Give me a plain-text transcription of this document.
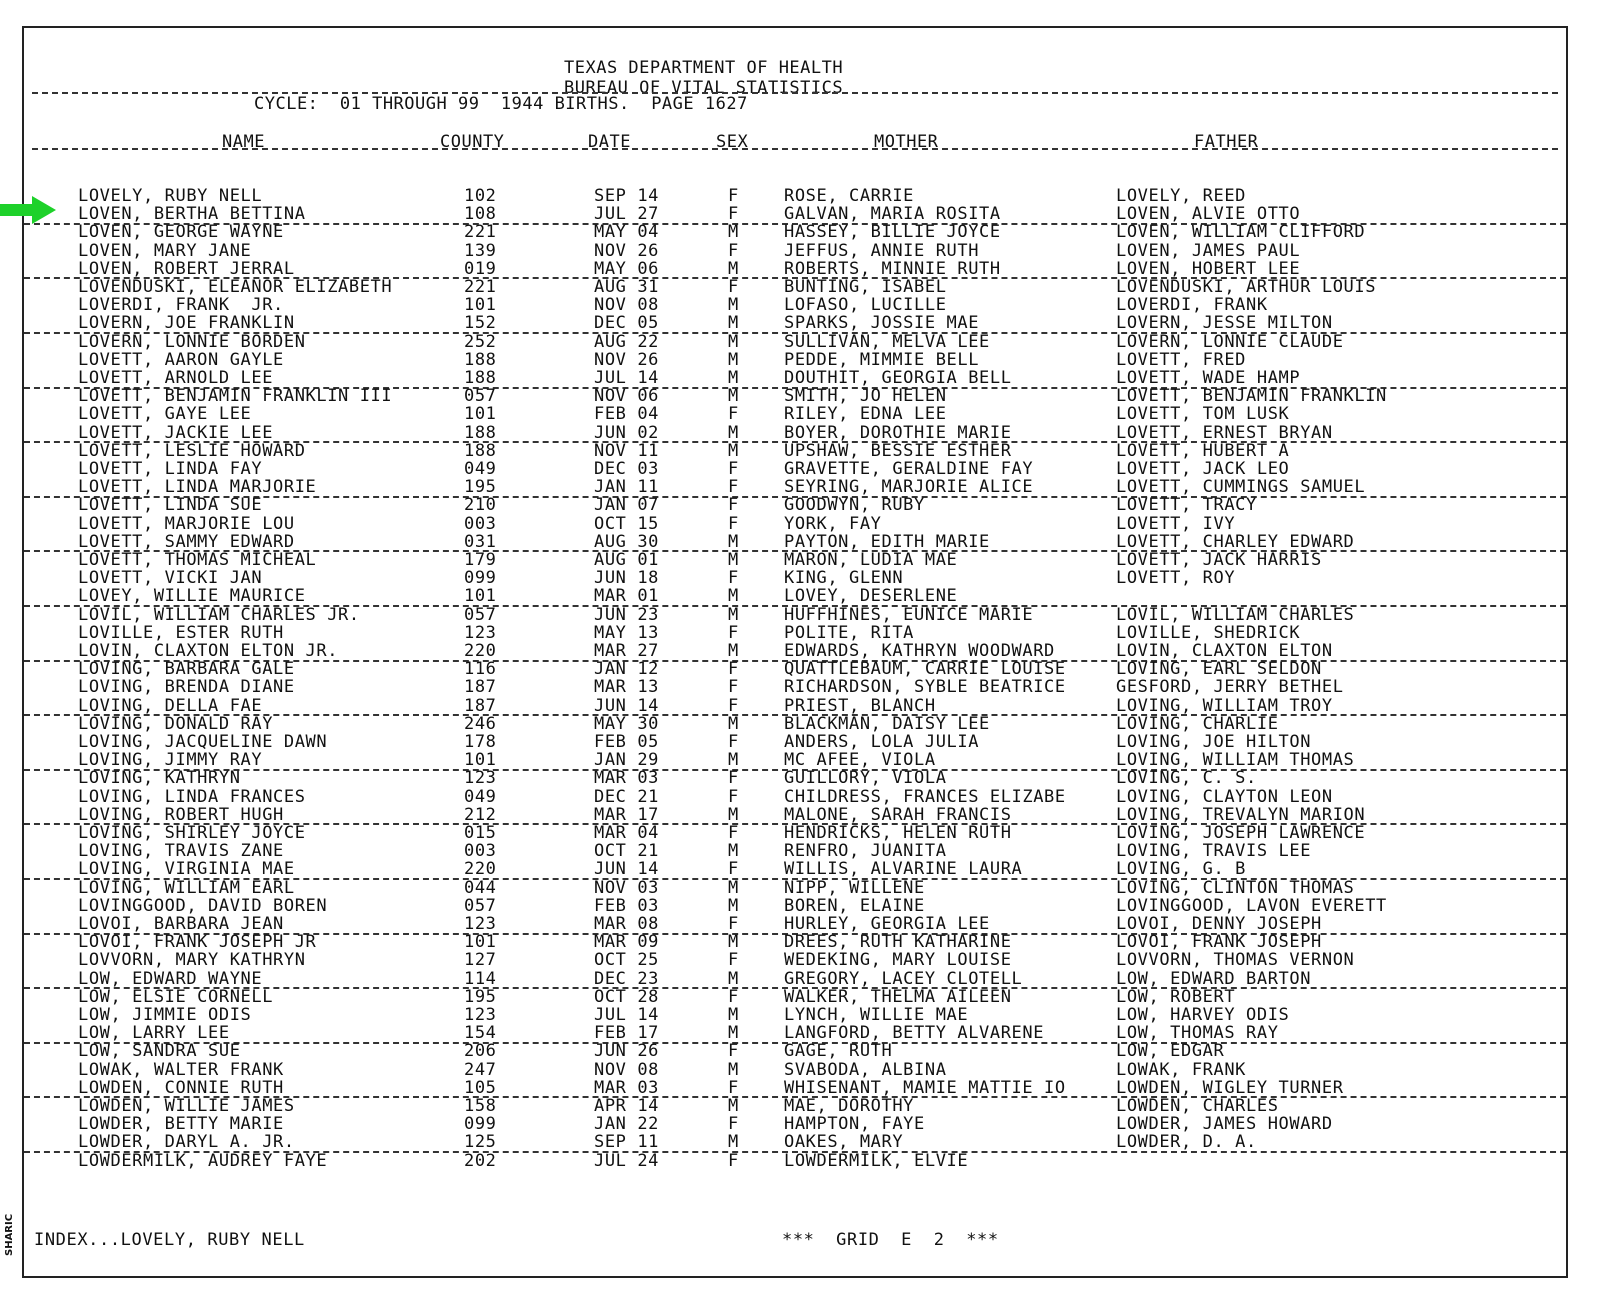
TEXAS DEPARTMENT OF HEALTH
BUREAU OF VITAL STATISTICS
CYCLE:  01 THROUGH 99  1944 BIRTHS.  PAGE 1627
NAME	COUNTY	DATE	SEX	MOTHER	FATHER
LOVELY, RUBY NELL	102	SEP 14	F	ROSE, CARRIE	LOVELY, REED
LOVEN, BERTHA BETTINA	108	JUL 27	F	GALVAN, MARIA ROSITA	LOVEN, ALVIE OTTO
LOVEN, GEORGE WAYNE	221	MAY 04	M	HASSEY, BILLIE JOYCE	LOVEN, WILLIAM CLIFFORD
LOVEN, MARY JANE	139	NOV 26	F	JEFFUS, ANNIE RUTH	LOVEN, JAMES PAUL
LOVEN, ROBERT JERRAL	019	MAY 06	M	ROBERTS, MINNIE RUTH	LOVEN, HOBERT LEE
LOVENDUSKI, ELEANOR ELIZABETH	221	AUG 31	F	BUNTING, ISABEL	LOVENDUSKI, ARTHUR LOUIS
LOVERDI, FRANK  JR.	101	NOV 08	M	LOFASO, LUCILLE	LOVERDI, FRANK
LOVERN, JOE FRANKLIN	152	DEC 05	M	SPARKS, JOSSIE MAE	LOVERN, JESSE MILTON
LOVERN, LONNIE BORDEN	252	AUG 22	M	SULLIVAN, MELVA LEE	LOVERN, LONNIE CLAUDE
LOVETT, AARON GAYLE	188	NOV 26	M	PEDDE, MIMMIE BELL	LOVETT, FRED
LOVETT, ARNOLD LEE	188	JUL 14	M	DOUTHIT, GEORGIA BELL	LOVETT, WADE HAMP
LOVETT, BENJAMIN FRANKLIN III	057	NOV 06	M	SMITH, JO HELEN	LOVETT, BENJAMIN FRANKLIN
LOVETT, GAYE LEE	101	FEB 04	F	RILEY, EDNA LEE	LOVETT, TOM LUSK
LOVETT, JACKIE LEE	188	JUN 02	M	BOYER, DOROTHIE MARIE	LOVETT, ERNEST BRYAN
LOVETT, LESLIE HOWARD	188	NOV 11	M	UPSHAW, BESSIE ESTHER	LOVETT, HUBERT A
LOVETT, LINDA FAY	049	DEC 03	F	GRAVETTE, GERALDINE FAY	LOVETT, JACK LEO
LOVETT, LINDA MARJORIE	195	JAN 11	F	SEYRING, MARJORIE ALICE	LOVETT, CUMMINGS SAMUEL
LOVETT, LINDA SUE	210	JAN 07	F	GOODWYN, RUBY	LOVETT, TRACY
LOVETT, MARJORIE LOU	003	OCT 15	F	YORK, FAY	LOVETT, IVY
LOVETT, SAMMY EDWARD	031	AUG 30	M	PAYTON, EDITH MARIE	LOVETT, CHARLEY EDWARD
LOVETT, THOMAS MICHEAL	179	AUG 01	M	MARON, LUDIA MAE	LOVETT, JACK HARRIS
LOVETT, VICKI JAN	099	JUN 18	F	KING, GLENN	LOVETT, ROY
LOVEY, WILLIE MAURICE	101	MAR 01	M	LOVEY, DESERLENE
LOVIL, WILLIAM CHARLES JR.	057	JUN 23	M	HUFFHINES, EUNICE MARIE	LOVIL, WILLIAM CHARLES
LOVILLE, ESTER RUTH	123	MAY 13	F	POLITE, RITA	LOVILLE, SHEDRICK
LOVIN, CLAXTON ELTON JR.	220	MAR 27	M	EDWARDS, KATHRYN WOODWARD	LOVIN, CLAXTON ELTON
LOVING, BARBARA GALE	116	JAN 12	F	QUATTLEBAUM, CARRIE LOUISE	LOVING, EARL SELDON
LOVING, BRENDA DIANE	187	MAR 13	F	RICHARDSON, SYBLE BEATRICE	GESFORD, JERRY BETHEL
LOVING, DELLA FAE	187	JUN 14	F	PRIEST, BLANCH	LOVING, WILLIAM TROY
LOVING, DONALD RAY	246	MAY 30	M	BLACKMAN, DAISY LEE	LOVING, CHARLIE
LOVING, JACQUELINE DAWN	178	FEB 05	F	ANDERS, LOLA JULIA	LOVING, JOE HILTON
LOVING, JIMMY RAY	101	JAN 29	M	MC AFEE, VIOLA	LOVING, WILLIAM THOMAS
LOVING, KATHRYN	123	MAR 03	F	GUILLORY, VIOLA	LOVING, C. S.
LOVING, LINDA FRANCES	049	DEC 21	F	CHILDRESS, FRANCES ELIZABE	LOVING, CLAYTON LEON
LOVING, ROBERT HUGH	212	MAR 17	M	MALONE, SARAH FRANCIS	LOVING, TREVALYN MARION
LOVING, SHIRLEY JOYCE	015	MAR 04	F	HENDRICKS, HELEN RUTH	LOVING, JOSEPH LAWRENCE
LOVING, TRAVIS ZANE	003	OCT 21	M	RENFRO, JUANITA	LOVING, TRAVIS LEE
LOVING, VIRGINIA MAE	220	JUN 14	F	WILLIS, ALVARINE LAURA	LOVING, G. B
LOVING, WILLIAM EARL	044	NOV 03	M	NIPP, WILLENE	LOVING, CLINTON THOMAS
LOVINGGOOD, DAVID BOREN	057	FEB 03	M	BOREN, ELAINE	LOVINGGOOD, LAVON EVERETT
LOVOI, BARBARA JEAN	123	MAR 08	F	HURLEY, GEORGIA LEE	LOVOI, DENNY JOSEPH
LOVOI, FRANK JOSEPH JR	101	MAR 09	M	DREES, RUTH KATHARINE	LOVOI, FRANK JOSEPH
LOVVORN, MARY KATHRYN	127	OCT 25	F	WEDEKING, MARY LOUISE	LOVVORN, THOMAS VERNON
LOW, EDWARD WAYNE	114	DEC 23	M	GREGORY, LACEY CLOTELL	LOW, EDWARD BARTON
LOW, ELSIE CORNELL	195	OCT 28	F	WALKER, THELMA AILEEN	LOW, ROBERT
LOW, JIMMIE ODIS	123	JUL 14	M	LYNCH, WILLIE MAE	LOW, HARVEY ODIS
LOW, LARRY LEE	154	FEB 17	M	LANGFORD, BETTY ALVARENE	LOW, THOMAS RAY
LOW, SANDRA SUE	206	JUN 26	F	GAGE, RUTH	LOW, EDGAR
LOWAK, WALTER FRANK	247	NOV 08	M	SVABODA, ALBINA	LOWAK, FRANK
LOWDEN, CONNIE RUTH	105	MAR 03	F	WHISENANT, MAMIE MATTIE IO	LOWDEN, WIGLEY TURNER
LOWDEN, WILLIE JAMES	158	APR 14	M	MAE, DOROTHY	LOWDEN, CHARLES
LOWDER, BETTY MARIE	099	JAN 22	F	HAMPTON, FAYE	LOWDER, JAMES HOWARD
LOWDER, DARYL A. JR.	125	SEP 11	M	OAKES, MARY	LOWDER, D. A.
LOWDERMILK, AUDREY FAYE	202	JUL 24	F	LOWDERMILK, ELVIE
INDEX...LOVELY, RUBY NELL	***  GRID  E  2  ***
SHARIC
